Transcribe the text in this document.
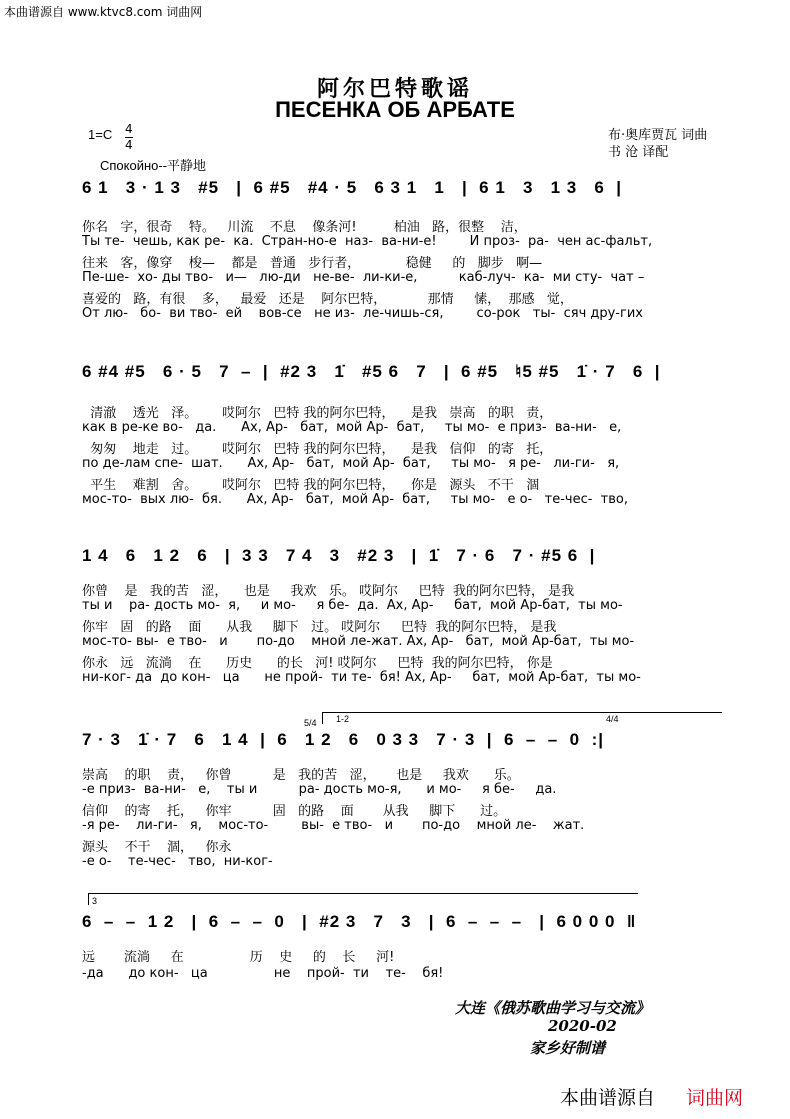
本曲谱源自 www.ktvc8.com 词曲网
阿尔巴特歌谣
ПЕСЕНКА ОБ АРБАТЕ
$1=C \frac{4}{4}$
Спокойно--平静地
布·奥库贾瓦 词曲
书 沧 译配
6 1   3 · 1 3   #5   |  6 #5   #4 · 5   6 3 1   1   |  6 1   3   1 3   6  |
你名   字，很奇    特。   川流    不息    像条河!         柏油   路，很整    洁，
Ты те-  чешь, как ре-  ка.  Стран-но-е  наз-  ва-ни-е!        И проз-  ра-  чен ас-фальт,
往来   客，像穿    梭—    都是   普通   步行者，           稳健     的   脚步   啊—
Пе-ше-  хо- ды тво-   и—   лю-ди   не-ве-  ли-ки-е,          каб-луч-  ка-  ми сту-  чат –
喜爱的   路，有很    多，   最爱   还是    阿尔巴特，          那情     愫，  那感   觉，
От лю-   бо-  ви тво-  ей    вов-се   не из-  ле-чишь-ся,        со-рок   ты-  сяч дру-гих
6 #4 #5   6 · 5   7  –  |  #2 3   1̇   #5 6   7   |  6 #5   ♮5 #5   1̇ · 7   6  |
清澈    透光   泽。      哎阿尔   巴特 我的阿尔巴特，    是我   崇高   的职   责，
как в ре-ке во-   да.      Ах, Ар-   бат,  мой Ар-  бат,     ты мо-  е приз-  ва-ни-   е,
匆匆    地走   过。      哎阿尔   巴特 我的阿尔巴特，    是我   信仰   的寄   托，
по де-лам спе-  шат.      Ах, Ар-   бат,  мой Ар-  бат,     ты мо-   я ре-   ли-ги-   я,
平生    难割   舍。      哎阿尔   巴特 我的阿尔巴特，    你是   源头   不干   涸
мос-то-  вых лю-  бя.      Ах, Ар-   бат,  мой Ар-  бат,     ты мо-   е о-   те-чес-  тво,
1 4   6   1 2   6   |  3 3   7 4   3   #2 3   |  1̇   7 · 6   7 · #5 6  |
你曾    是   我的苦   涩，    也是     我欢   乐。 哎阿尔     巴特  我的阿尔巴特， 是我
ты и    ра- дость мо-  я,     и мо-     я бе-  да.  Ах, Ар-     бат,  мой Ар-бат,  ты мо-
你牢   固   的路    面      从我     脚下   过。 哎阿尔     巴特  我的阿尔巴特， 是我
мос-то- вы-  е тво-   и       по-до    мной ле-жат. Ах, Ар-   бат,  мой Ар-бат,  ты мо-
你永   远   流淌    在      历史      的长   河! 哎阿尔     巴特  我的阿尔巴特， 你是
ни-ког- да  до кон-   ца      не прой-  ти те-  бя! Ах, Ар-     бат,  мой Ар-бат,  ты мо-
5/4 1-2	4/4
7 · 3   1̇ · 7   6   1 4  |  6   1 2   6   0 3 3   7 · 3  |  6  –  –  0  :|
崇高    的职    责，   你曾          是   我的苦   涩，     也是     我欢      乐。
-е приз-  ва-ни-   е,    ты и          ра- дость мо-я,      и мо-     я бе-     да.
信仰    的寄    托，   你牢          固   的路    面       从我     脚下      过。
-я ре-    ли-ги-   я,    мос-то-        вы-  е тво-   и       по-до    мной ле-    жат.
源头    不干    涸，   你永
-е о-    те-чес-   тво,  ни-ког-
3
6  –  –  1 2   |  6  –  –  0   |  #2 3   7   3   |  6  –  –  –   |  6 0 0 0  ‖
远       流淌     在                历    史     的    长     河!
-да      до кон-   ца                не    прой-  ти    те-    бя!
大连《俄苏歌曲学习与交流》
2020-02
家乡好制谱
本曲谱源自 词曲网
